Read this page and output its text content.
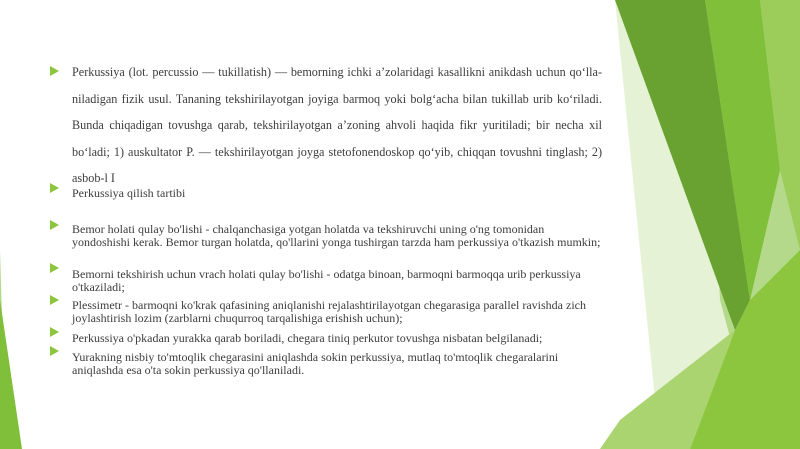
Perkussiya (lot. percussio — tukillatish) — bemorning ichki a’zolaridagi kasallikni anikdash uchun qo‘lla-niladigan fizik usul. Tananing tekshirilayotgan joyiga barmoq yoki bolg‘acha bilan tukillab urib ko‘riladi. Bunda chiqadigan tovushga qarab, tekshirilayotgan a’zoning ahvoli haqida fikr yuritiladi; bir necha xil bo‘ladi; 1) auskultator P. — tekshirilayotgan joyga stetofonendoskop qo‘yib, chiqqan tovushni tinglash; 2) asbob-l I
Perkussiya qilish tartibi
Bemor holati qulay bo'lishi - chalqanchasiga yotgan holatda va tekshiruvchi uning o'ng tomonidan yondoshishi kerak. Bemor turgan holatda, qo'llarini yonga tushirgan tarzda ham perkussiya o'tkazish mumkin;
Bemorni tekshirish uchun vrach holati qulay bo'lishi - odatga binoan, barmoqni barmoqqa urib perkussiya o'tkaziladi;
Plessimetr - barmoqni ko'krak qafasining aniqlanishi rejalashtirilayotgan chegarasiga parallel ravishda zich joylashtirish lozim (zarblarni chuqurroq tarqalishiga erishish uchun);
Perkussiya o'pkadan yurakka qarab boriladi, chegara tiniq perkutor tovushga nisbatan belgilanadi;
Yurakning nisbiy to'mtoqlik chegarasini aniqlashda sokin perkussiya, mutlaq to'mtoqlik chegaralarini aniqlashda esa o'ta sokin perkussiya qo'llaniladi.
